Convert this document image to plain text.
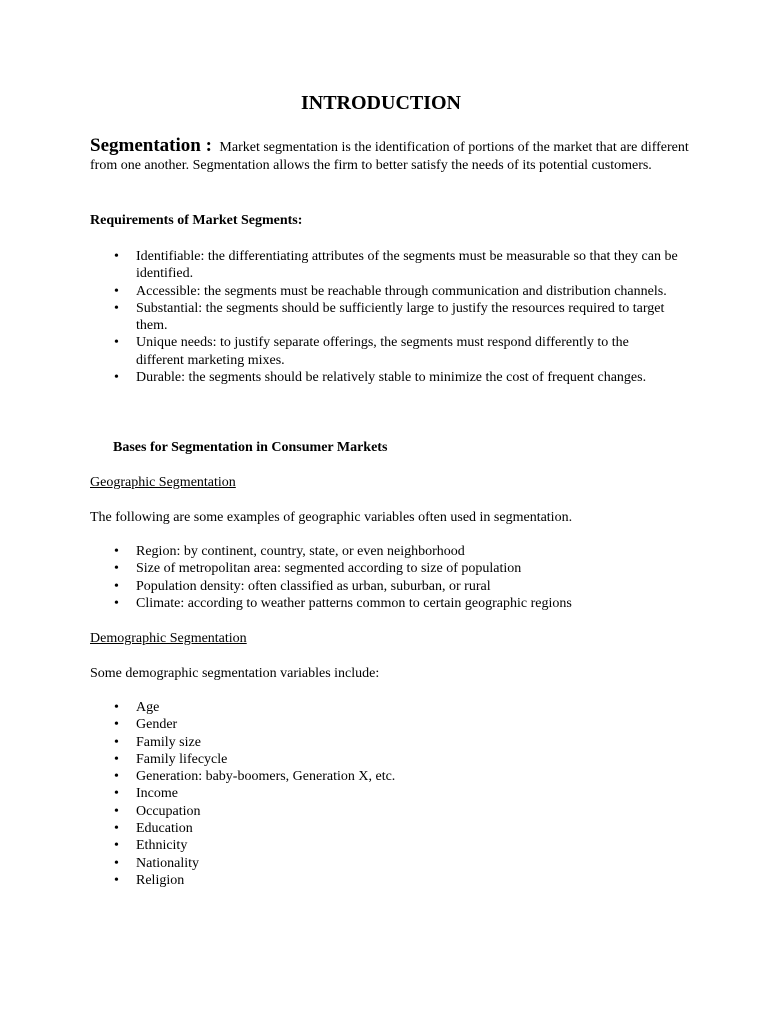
INTRODUCTION

Segmentation : Market segmentation is the identification of portions of the market that are different from one another. Segmentation allows the firm to better satisfy the needs of its potential customers.

Requirements of Market Segments:

• Identifiable: the differentiating attributes of the segments must be measurable so that they can be identified.
• Accessible: the segments must be reachable through communication and distribution channels.
• Substantial: the segments should be sufficiently large to justify the resources required to target them.
• Unique needs: to justify separate offerings, the segments must respond differently to the different marketing mixes.
• Durable: the segments should be relatively stable to minimize the cost of frequent changes.

Bases for Segmentation in Consumer Markets

Geographic Segmentation

The following are some examples of geographic variables often used in segmentation.

• Region: by continent, country, state, or even neighborhood
• Size of metropolitan area: segmented according to size of population
• Population density: often classified as urban, suburban, or rural
• Climate: according to weather patterns common to certain geographic regions

Demographic Segmentation

Some demographic segmentation variables include:

• Age
• Gender
• Family size
• Family lifecycle
• Generation: baby-boomers, Generation X, etc.
• Income
• Occupation
• Education
• Ethnicity
• Nationality
• Religion
